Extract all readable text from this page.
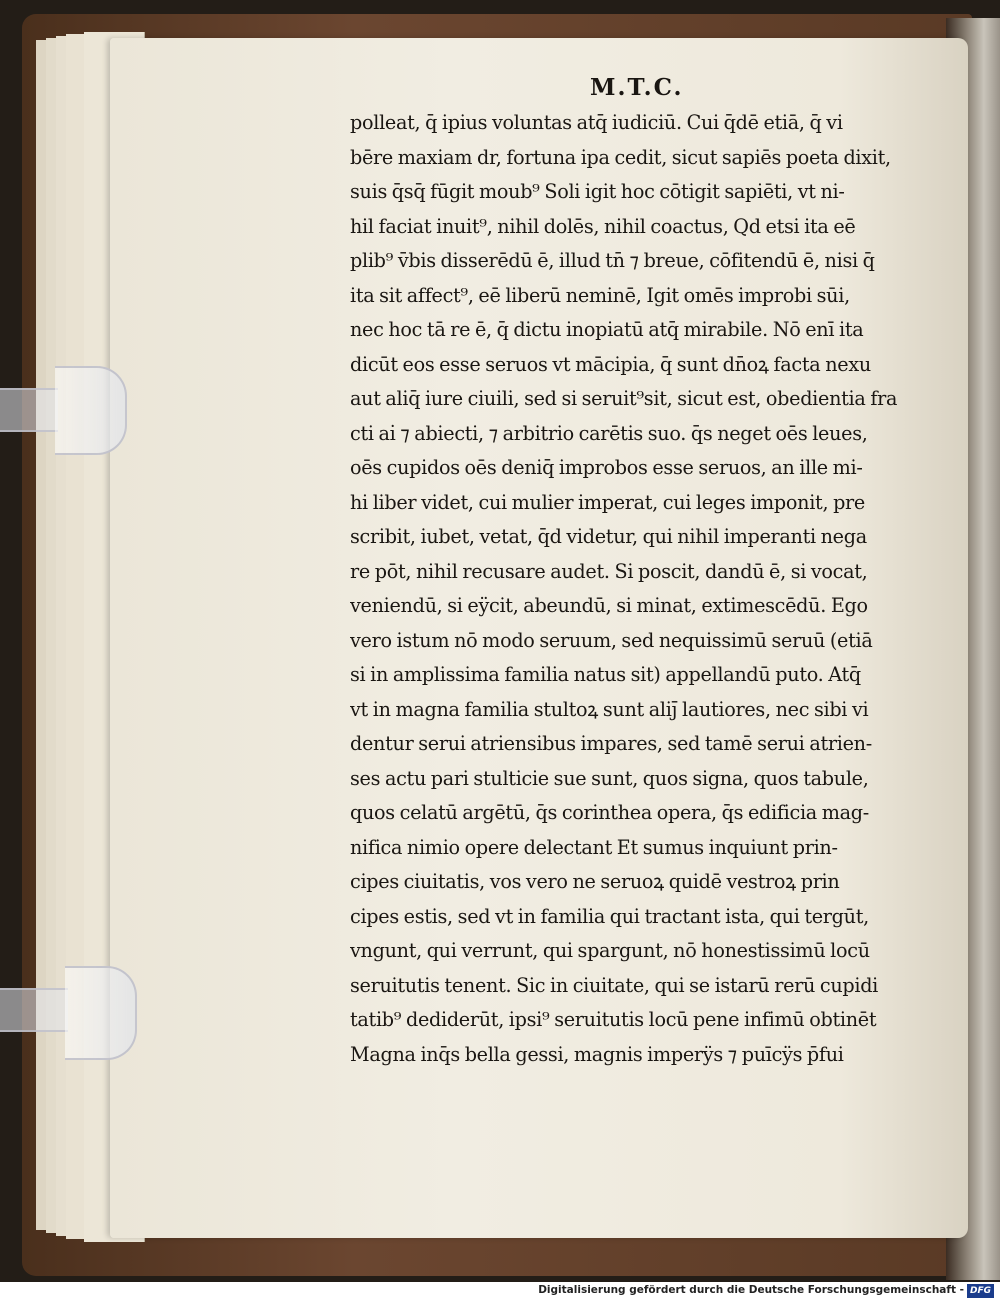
M.T.C.
polleat, q̄ ipius voluntas atq̄ iudiciū. Cui q̄dē etiā, q̄ vi
bēre maxiam dr, fortuna ipa cedit, sicut sapiēs poeta dixit,
suis q̄sq̄ fūgit moub⁹ Soli igit hoc cōtigit sapiēti, vt ni-
hil faciat inuit⁹, nihil dolēs, nihil coactus, Qd etsi ita eē
plib⁹ v̄bis disserēdū ē, illud tn̄ ⁊ breue, cōfitendū ē, nisi q̄
ita sit affect⁹, eē liberū neminē, Igit omēs improbi sūi,
nec hoc tā re ē, q̄ dictu inopiatū atq̄ mirabile. Nō enī ita
dicūt eos esse seruos vt mācipia, q̄ sunt dn̄oꝝ facta nexu
aut aliq̄ iure ciuili, sed si seruit⁹sit, sicut est, obedientia fra
cti ai̇ ⁊ abiecti, ⁊ arbitrio carētis suo. q̄s neget oēs leues,
oēs cupidos oēs deniq̄ improbos esse seruos, an ille mi-
hi liber videt, cui mulier imperat, cui leges imponit, pre
scribit, iubet, vetat, q̄d videtur, qui nihil imperanti nega
re pōt, nihil recusare audet. Si poscit, dandū ē, si vocat,
veniendū, si eÿcit, abeundū, si minat, extimescēdū. Ego
vero istum nō modo seruum, sed nequissimū seruū (etiā
si in amplissima familia natus sit) appellandū puto. Atq̄
vt in magna familia stultoꝝ sunt aliȷ̄ lautiores, nec sibi vi
dentur serui atriensibus impares, sed tamē serui atrien-
ses actu pari stulticie sue sunt, quos signa, quos tabule,
quos celatū argētū, q̄s corinthea opera, q̄s edificia mag-
nifica nimio opere delectant Et sumus inquiunt prin-
cipes ciuitatis, vos vero ne seruoꝝ quidē vestroꝝ prin
cipes estis, sed vt in familia qui tractant ista, qui tergūt,
vngunt, qui verrunt, qui spargunt, nō honestissimū locū
seruitutis tenent. Sic in ciuitate, qui se istarū rerū cupidi
tatib⁹ dediderūt, ipsi⁹ seruitutis locū pene infimū obtinēt
Magna inq̄s bella gessi, magnis imperÿs ⁊ puīcÿs p̄fui
Digitalisierung gefördert durch die Deutsche Forschungsgemeinschaft - DFG
